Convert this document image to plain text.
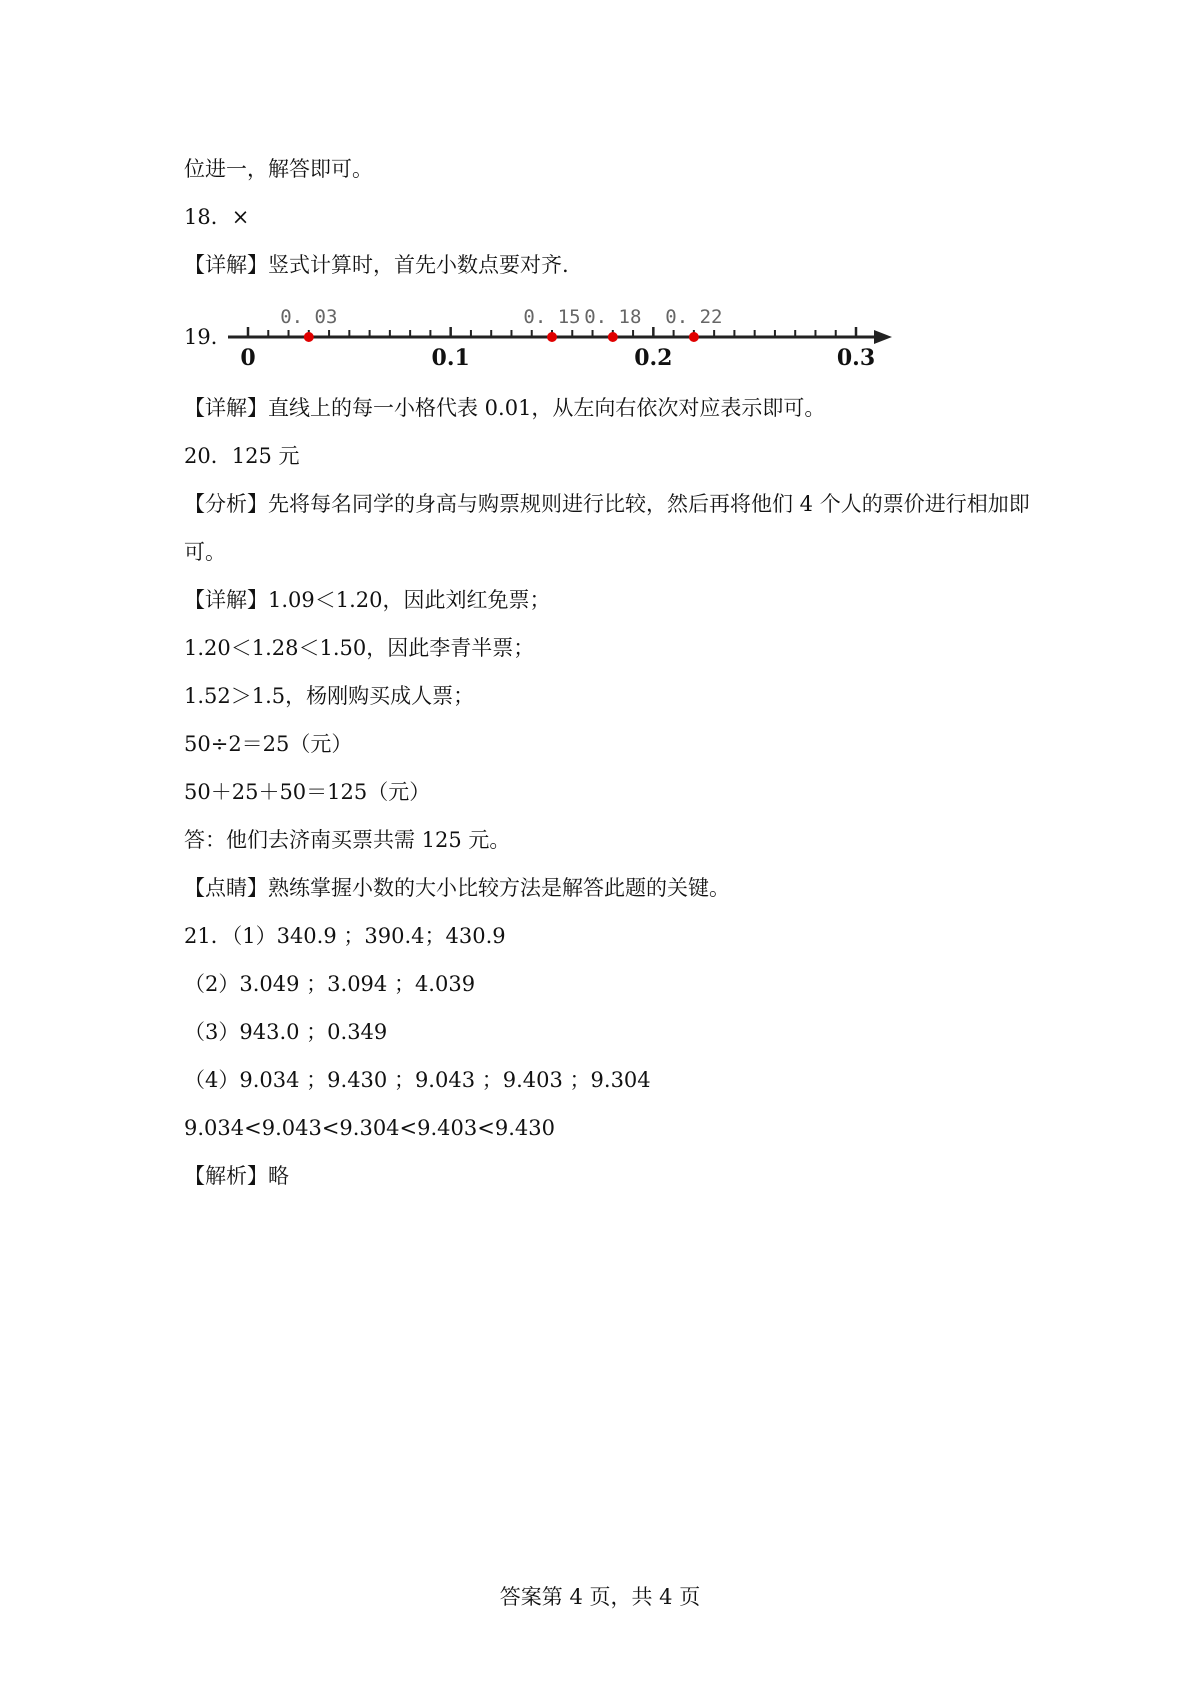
位进一，解答即可。
18．×
【详解】竖式计算时，首先小数点要对齐.
19．
0	0.1	0.2	0.3
0. 03	0. 15 0. 18 0. 22
【详解】直线上的每一小格代表 0.01，从左向右依次对应表示即可。
20．125 元
【分析】先将每名同学的身高与购票规则进行比较，然后再将他们 4 个人的票价进行相加即
可。
【详解】1.09＜1.20，因此刘红免票；
1.20＜1.28＜1.50，因此李青半票；
1.52＞1.5，杨刚购买成人票；
50÷2＝25（元）
50＋25＋50＝125（元）
答：他们去济南买票共需 125 元。
【点睛】熟练掌握小数的大小比较方法是解答此题的关键。
21．（1）340.9 ；390.4；430.9
（2）3.049 ；3.094 ；4.039
（3）943.0 ；0.349
（4）9.034 ；9.430 ；9.043 ；9.403 ；9.304
9.034<9.043<9.304<9.403<9.430
【解析】略
答案第 4 页，共 4 页
